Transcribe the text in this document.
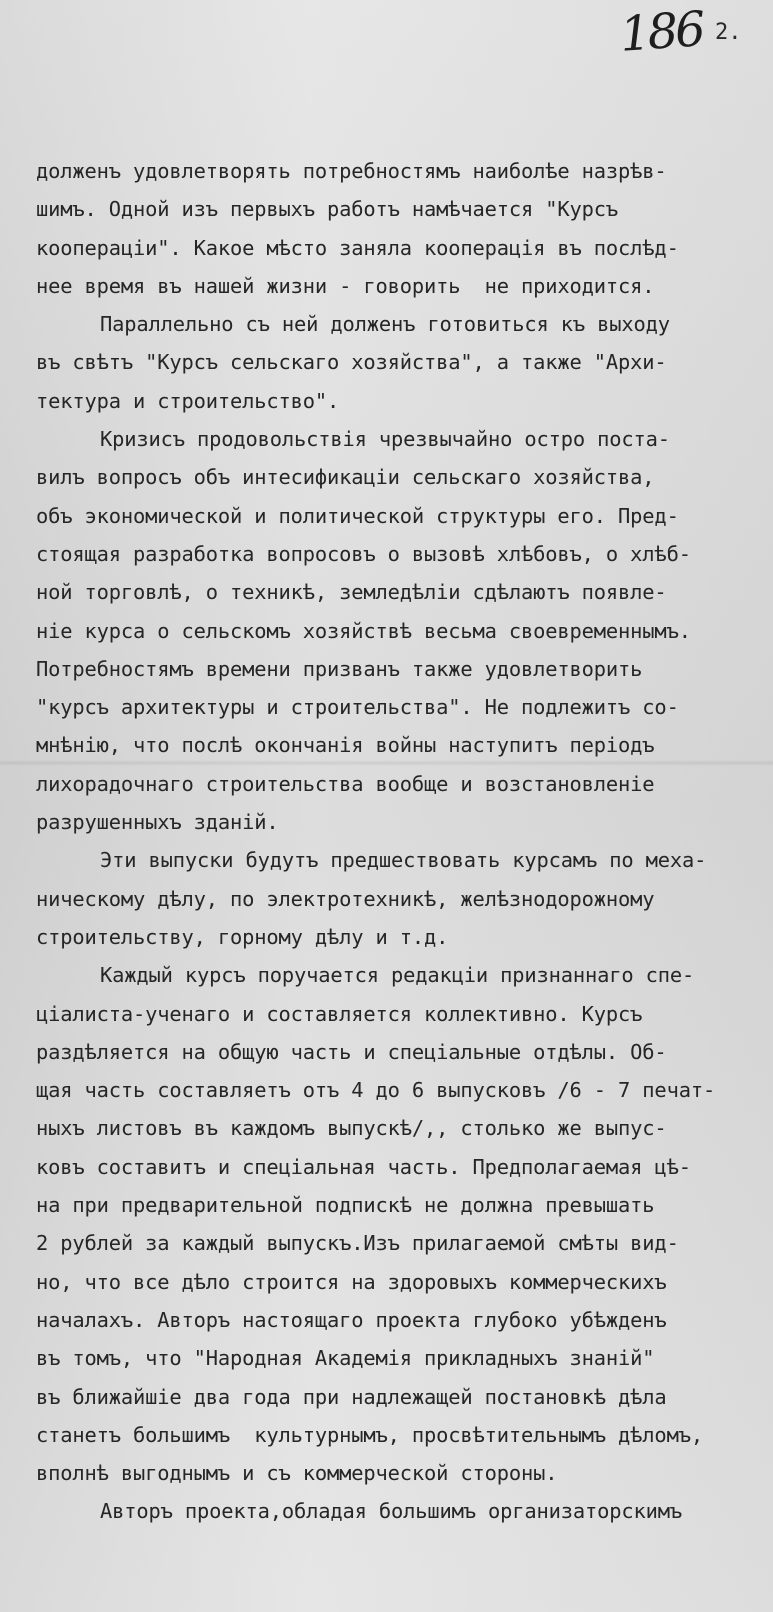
186 2.
долженъ удовлетворять потребностямъ наиболѣе назрѣв-
шимъ. Одной изъ первыхъ работъ намѣчается "Курсъ
кооперацiи". Какое мѣсто заняла кооперацiя въ послѣд-
нее время въ нашей жизни - говорить  не приходится.
Параллельно съ ней долженъ готовиться къ выходу
въ свѣтъ "Курсъ сельскаго хозяйства", а также "Архи-
тектура и строительство".
Кризисъ продовольствiя чрезвычайно остро поста-
вилъ вопросъ объ интесификацiи сельскаго хозяйства,
объ экономической и политической структуры его. Пред-
стоящая разработка вопросовъ о вызовѣ хлѣбовъ, о хлѣб-
ной торговлѣ, о техникѣ, земледѣлiи сдѣлаютъ появле-
нiе курса о сельскомъ хозяйствѣ весьма своевременнымъ.
Потребностямъ времени призванъ также удовлетворить
"курсъ архитектуры и строительства". Не подлежитъ со-
мнѣнiю, что послѣ окончанiя войны наступитъ перiодъ
лихорадочнаго строительства вообще и возстановленiе
разрушенныхъ зданiй.
Эти выпуски будутъ предшествовать курсамъ по меха-
ническому дѣлу, по электротехникѣ, желѣзнодорожному
строительству, горному дѣлу и т.д.
Каждый курсъ поручается редакцiи признаннаго спе-
цiалиста-ученаго и составляется коллективно. Курсъ
раздѣляется на общую часть и спецiальные отдѣлы. Об-
щая часть составляетъ отъ 4 до 6 выпусковъ /6 - 7 печат-
ныхъ листовъ въ каждомъ выпускѣ/,, столько же выпус-
ковъ составитъ и спецiальная часть. Предполагаемая цѣ-
на при предварительной подпискѣ не должна превышать
2 рублей за каждый выпускъ.Изъ прилагаемой смѣты вид-
но, что все дѣло строится на здоровыхъ коммерческихъ
началахъ. Авторъ настоящаго проекта глубоко убѣжденъ
въ томъ, что "Народная Академiя прикладныхъ знанiй"
въ ближайшiе два года при надлежащей постановкѣ дѣла
станетъ большимъ  культурнымъ, просвѣтительнымъ дѣломъ,
вполнѣ выгоднымъ и съ коммерческой стороны.
Авторъ проекта,обладая большимъ организаторскимъ
